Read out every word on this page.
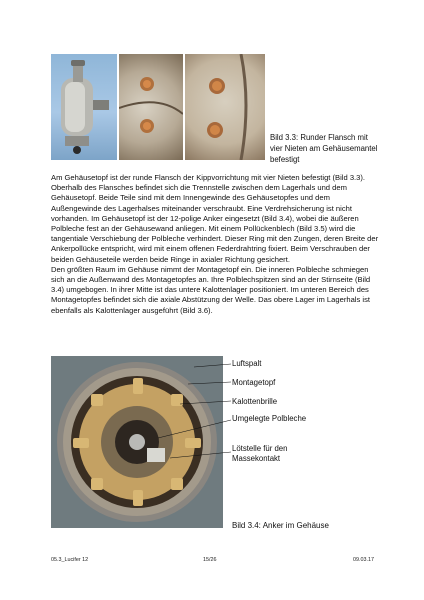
Bild 3.3: Runder Flansch mit vier Nieten am Gehäusemantel befestigt
Am Gehäusetopf ist der runde Flansch der Kippvorrichtung mit vier Nieten befestigt (Bild 3.3). Oberhalb des Flansches befindet sich die Trennstelle zwischen dem Lagerhals und dem Gehäusetopf. Beide Teile sind mit dem Innengewinde des Gehäusetopfes und dem Außengewinde des Lagerhalses miteinander verschraubt. Eine Verdrehsicherung ist nicht vorhanden. Im Gehäusetopf ist der 12-polige Anker eingesetzt (Bild 3.4), wobei die äußeren Polbleche fest an der Gehäusewand anliegen. Mit einem Pollückenblech (Bild 3.5) wird die tangentiale Verschiebung der Polbleche verhindert. Dieser Ring mit den Zungen, deren Breite der Ankerpollücke entspricht, wird mit einem offenen Federdrahtring fixiert. Beim Verschrauben der beiden Gehäuseteile werden beide Ringe in axialer Richtung gesichert.
Den größten Raum im Gehäuse nimmt der Montagetopf ein. Die inneren Polbleche schmiegen sich an die Außenwand des Montagetopfes an. Ihre Polblechspitzen sind an der Stirnseite (Bild 3.4) umgebogen. In ihrer Mitte ist das untere Kalottenlager positioniert. Im unteren Bereich des Montagetopfes befindet sich die axiale Abstützung der Welle. Das obere Lager im Lagerhals ist ebenfalls als Kalottenlager ausgeführt (Bild 3.6).
Luftspalt
Montagetopf
Kalottenbrille
Umgelegte Polbleche
Lötstelle für den Massekontakt
Bild 3.4: Anker im Gehäuse
05.3_Lucifer 12	15/26	09.03.17
